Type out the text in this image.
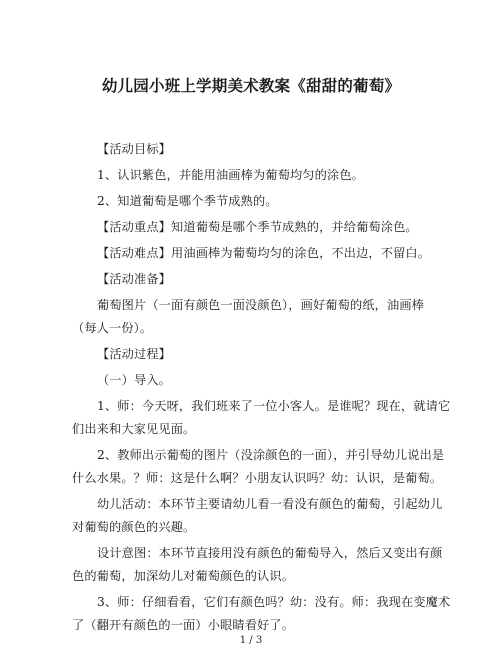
幼儿园小班上学期美术教案《甜甜的葡萄》
【活动目标】
1、认识紫色，并能用油画棒为葡萄均匀的涂色。
2、知道葡萄是哪个季节成熟的。
【活动重点】知道葡萄是哪个季节成熟的，并给葡萄涂色。
【活动难点】用油画棒为葡萄均匀的涂色，不出边，不留白。
【活动准备】
葡萄图片（一面有颜色一面没颜色），画好葡萄的纸，油画棒
（每人一份）。
【活动过程】
（一）导入。
1、师：今天呀，我们班来了一位小客人。是谁呢？现在，就请它
们出来和大家见见面。
2、教师出示葡萄的图片（没涂颜色的一面），并引导幼儿说出是
什么水果。？师：这是什么啊？小朋友认识吗？幼：认识，是葡萄。
幼儿活动：本环节主要请幼儿看一看没有颜色的葡萄，引起幼儿
对葡萄的颜色的兴趣。
设计意图：本环节直接用没有颜色的葡萄导入，然后又变出有颜
色的葡萄，加深幼儿对葡萄颜色的认识。
3、师：仔细看看，它们有颜色吗？幼：没有。师：我现在变魔术
了（翻开有颜色的一面）小眼睛看好了。
1 / 3
